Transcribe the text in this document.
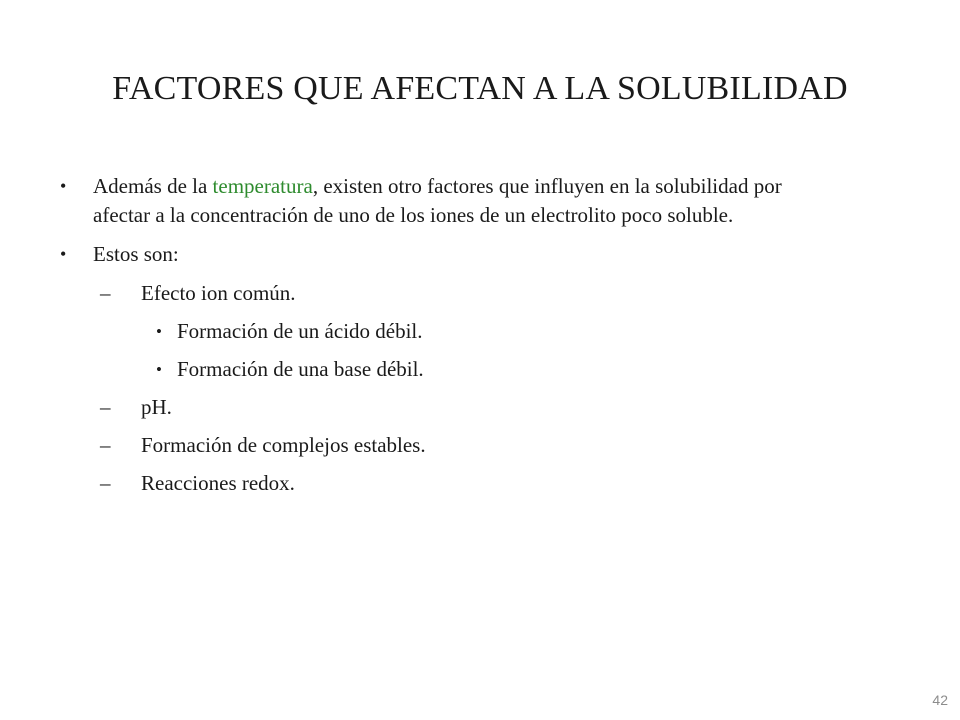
FACTORES QUE AFECTAN A LA SOLUBILIDAD
•	Además de la temperatura, existen otro factores que influyen en la solubilidad por afectar a la concentración de uno de los iones de un electrolito poco soluble.
•	Estos son:
–	Efecto ion común.
• Formación de un ácido débil.
• Formación de una base débil.
–	pH.
–	Formación de complejos estables.
–	Reacciones redox.
42
